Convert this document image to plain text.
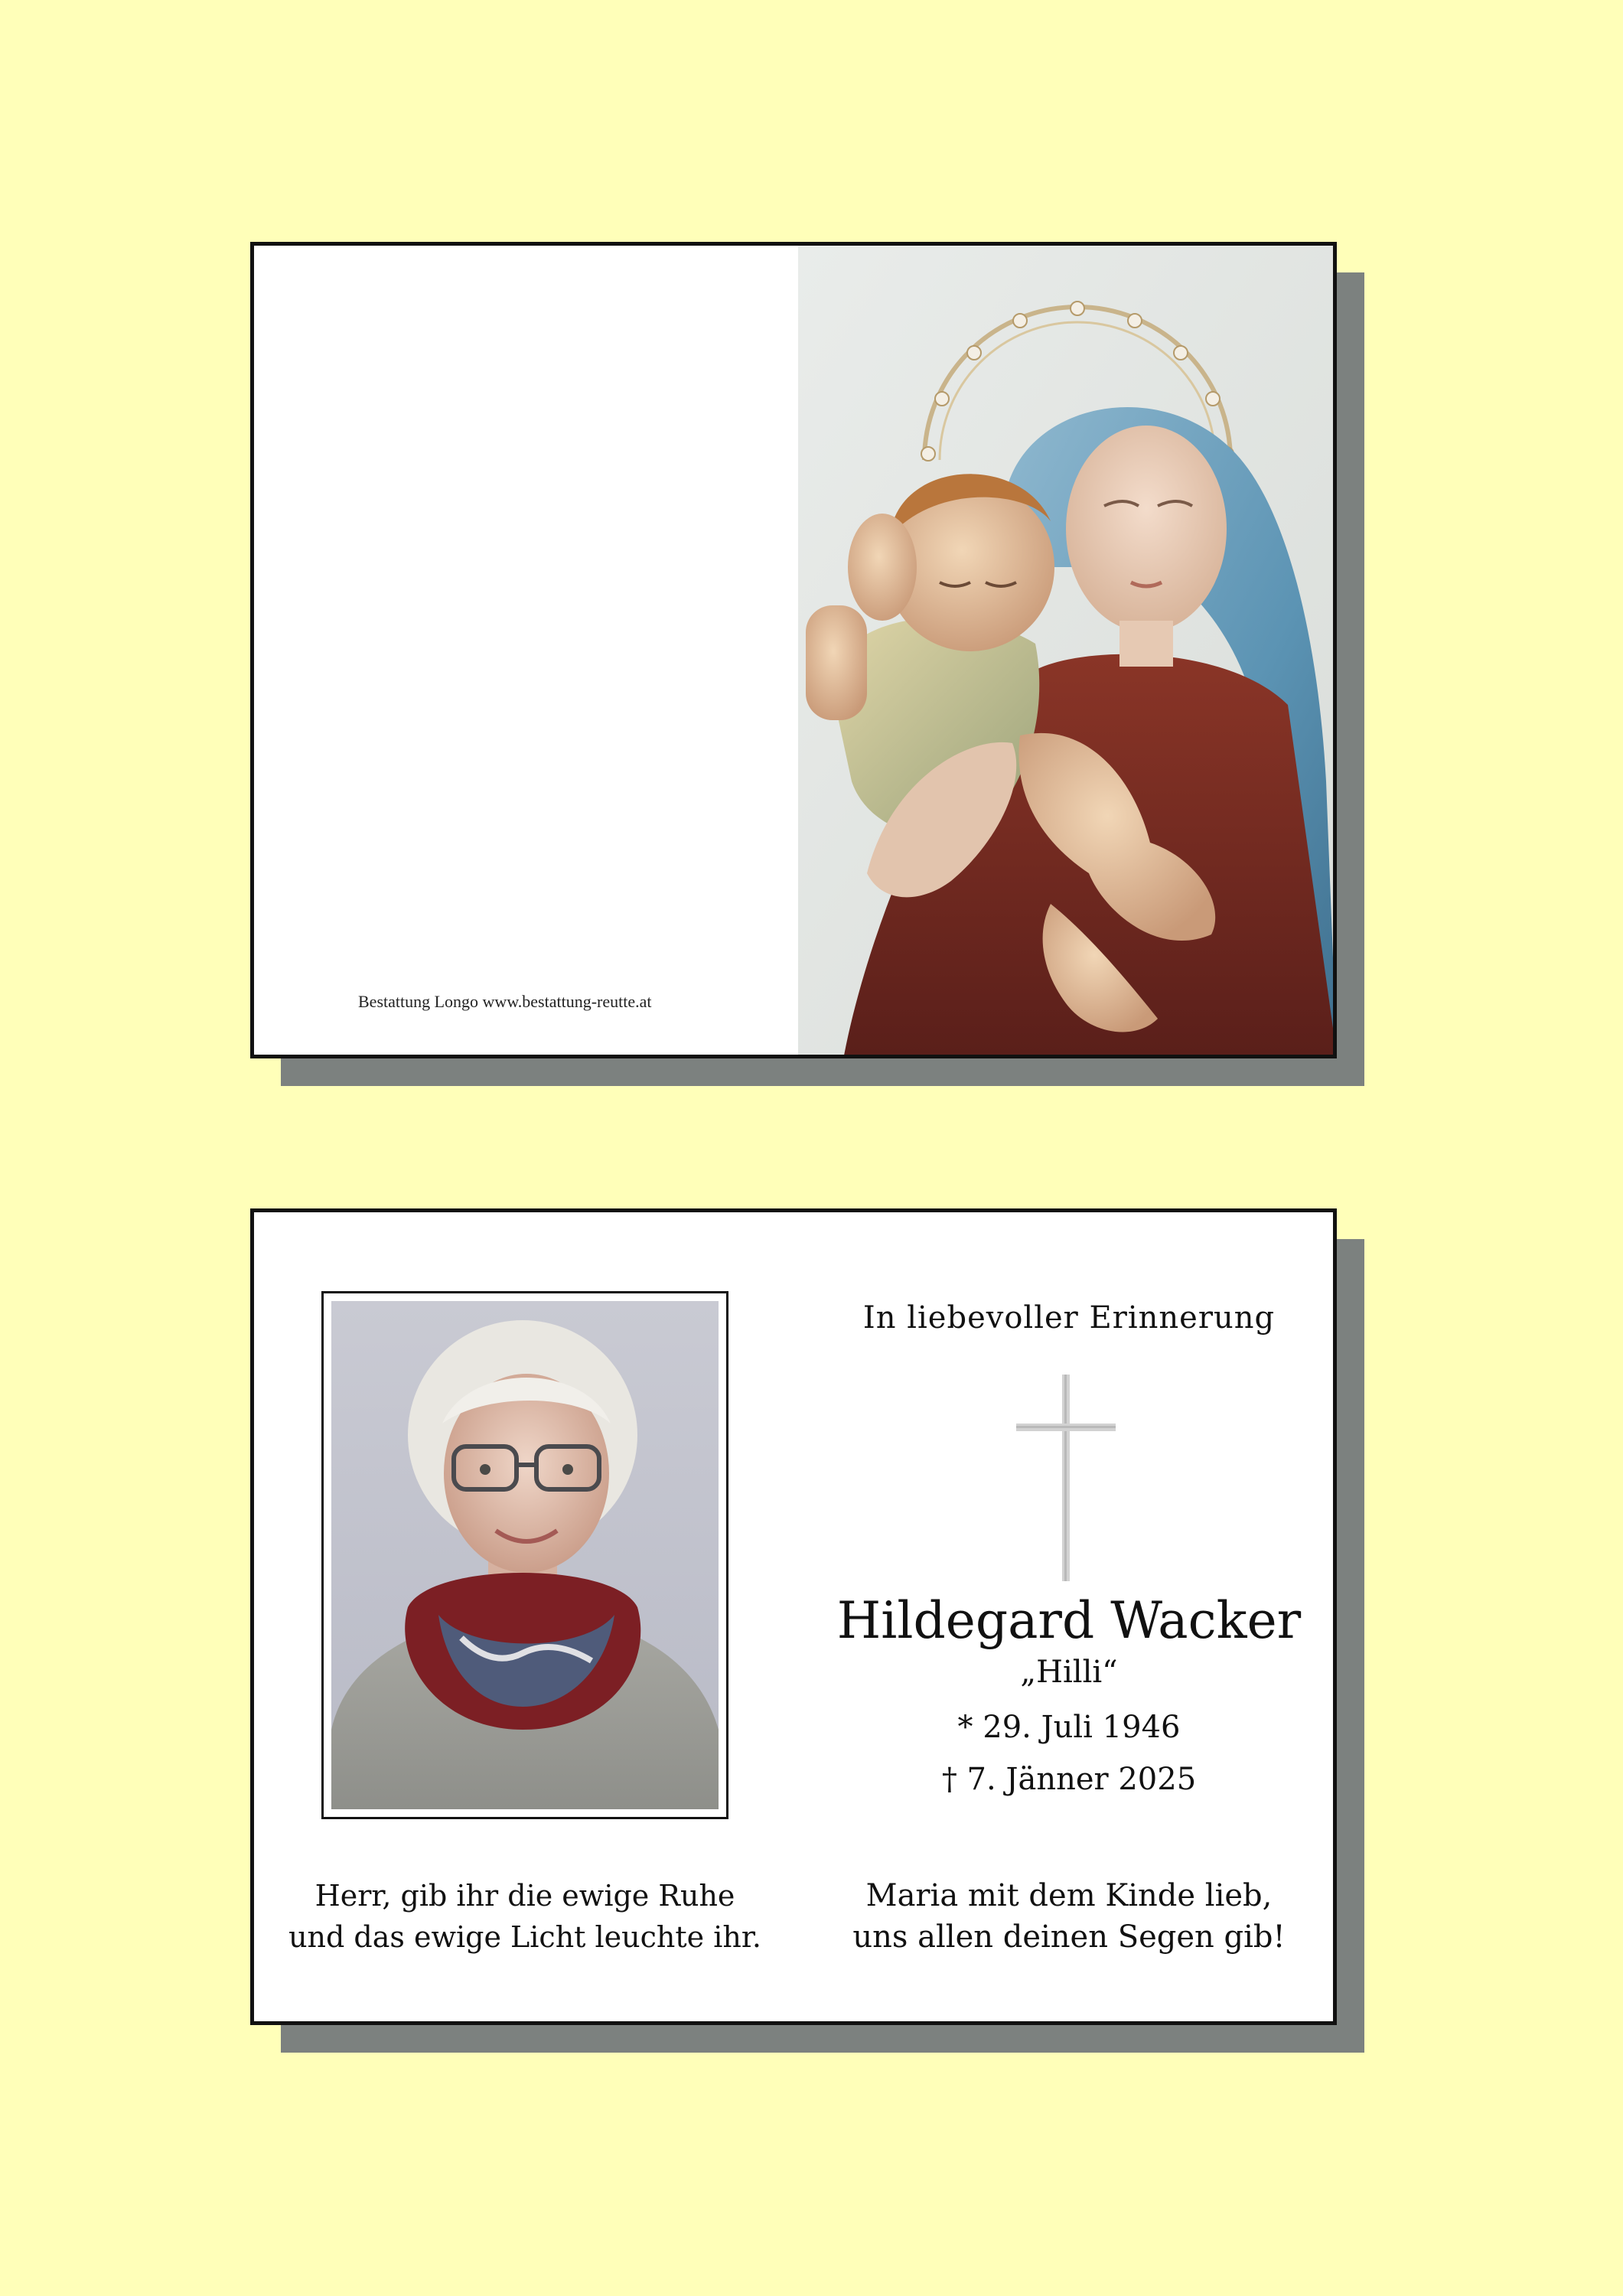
Bestattung Longo www.bestattung-reutte.at
In liebevoller Erinnerung
Hildegard Wacker
„Hilli“
* 29. Juli 1946
† 7. Jänner 2025
Herr, gib ihr die ewige Ruhe
und das ewige Licht leuchte ihr.
Maria mit dem Kinde lieb,
uns allen deinen Segen gib!
